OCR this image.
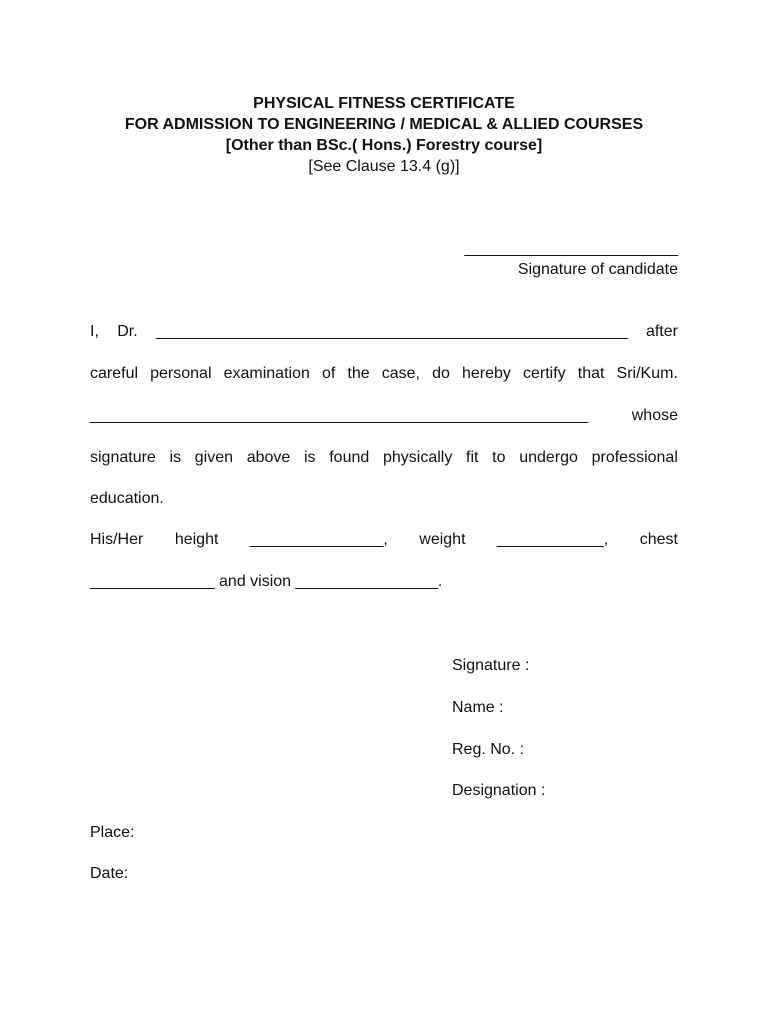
PHYSICAL FITNESS CERTIFICATE
FOR ADMISSION TO ENGINEERING / MEDICAL & ALLIED COURSES
[Other than BSc.( Hons.) Forestry course]
[See Clause 13.4 (g)]
________________________
Signature of candidate
I, Dr. _____________________________________________________ after
careful personal examination of the case, do hereby certify that Sri/Kum.
________________________________________________________	whose
signature is given above is found physically fit to undergo professional
education.
His/Her height _______________, weight ____________, chest
______________ and vision ________________.
Signature :
Name :
Reg. No. :
Designation :
Place:
Date:
